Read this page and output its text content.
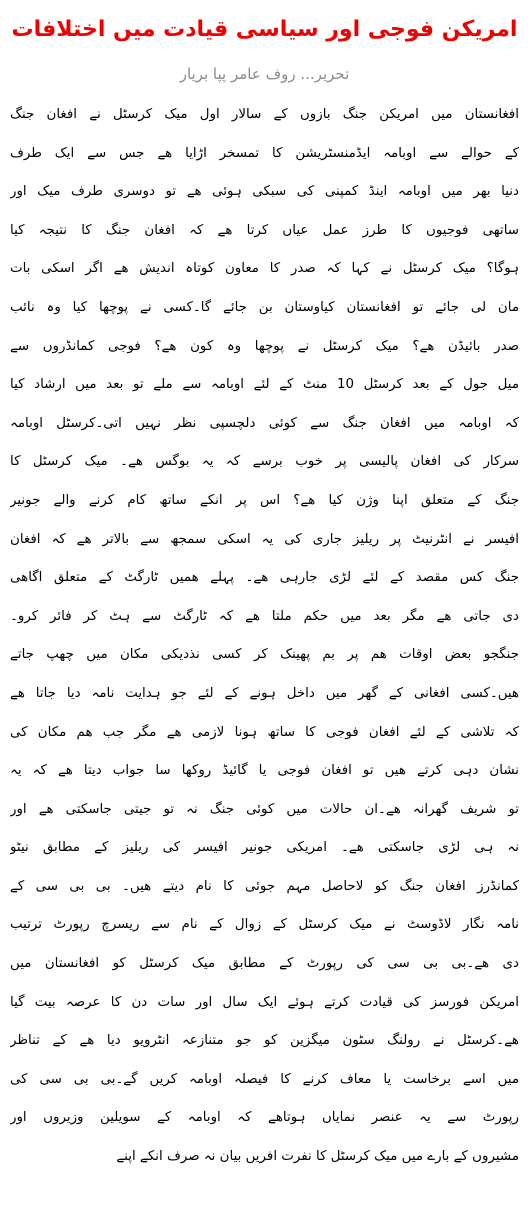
امریکن فوجی اور سیاسی قیادت میں اختلافات
تحریر... روف عامر پپا بریار
افغانستان میں امریکن جنگ بازوں کے سالار اول میک کرسٹل نے افغان جنگ
کے حوالے سے اوبامہ ایڈمنسٹریشن کا تمسخر اڑایا ھے جس سے ایک طرف
دنیا بھر میں اوبامہ اینڈ کمپنی کی سبکی ہوئی ھے تو دوسری طرف میک اور
ساتھی فوجیوں کا طرز عمل عیاں کرتا ھے کہ افغان جنگ کا نتیجہ کیا
ہوگا؟ میک کرسٹل نے کہا کہ صدر کا معاون کوتاہ اندیش ھے اگر اسکی بات
مان لی جائے تو افغانستان کیاوستان بن جائے گا۔کسی نے پوچھا کیا وہ نائب
صدر بائیڈن ھے؟ میک کرسٹل نے پوچھا وہ کون ھے؟ فوجی کمانڈروں سے
میل جول کے بعد کرسٹل 10 منٹ کے لئے اوبامہ سے ملے تو بعد میں ارشاد کیا
کہ اوبامہ میں افغان جنگ سے کوئی دلچسپی نظر نہیں اتی۔کرسٹل اوبامہ
سرکار کی افغان پالیسی پر خوب برسے کہ یہ بوگس ھے۔ میک کرسٹل کا
جنگ کے متعلق اپنا وژن کیا ھے؟ اس پر انکے ساتھ کام کرنے والے جونیر
افیسر نے انٹرنیٹ پر ریلیز جاری کی یہ اسکی سمجھ سے بالاتر ھے کہ افغان
جنگ کس مقصد کے لئے لڑی جارہی ھے۔ پہلے ھمیں ٹارگٹ کے متعلق اگاھی
دی جاتی ھے مگر بعد میں حکم ملتا ھے کہ ٹارگٹ سے ہٹ کر فائر کرو۔
جنگجو بعض اوقات ھم پر بم پھینک کر کسی نذدیکی مکان میں چھپ جاتے
ھیں۔کسی افغانی کے گھر میں داخل ہونے کے لئے جو ہدایت نامہ دیا جاتا ھے
کہ تلاشی کے لئے افغان فوجی کا ساتھ ہونا لازمی ھے مگر جب ھم مکان کی
نشان دہی کرتے ھیں تو افغان فوجی یا گائیڈ روکھا سا جواب دیتا ھے کہ یہ
تو شریف گھرانہ ھے۔ان حالات میں کوئی جنگ نہ تو جیتی جاسکتی ھے اور
نہ ہی لڑی جاسکتی ھے۔ امریکی جونیر افیسر کی ریلیز کے مطابق نیٹو
کمانڈرز افغان جنگ کو لاحاصل مہم جوئی کا نام دیتے ھیں۔ بی بی سی کے
نامہ نگار لاڈوسٹ نے میک کرسٹل کے زوال کے نام سے ریسرچ رپورٹ ترتیب
دی ھے۔بی بی سی کی رپورٹ کے مطابق میک کرسٹل کو افغانستان میں
امریکن فورسز کی قیادت کرتے ہوئے ایک سال اور سات دن کا عرصہ بیت گیا
ھے۔کرسٹل نے رولنگ سٹون میگزین کو جو متنازعہ انٹرویو دیا ھے کے تناظر
میں اسے برخاست یا معاف کرنے کا فیصلہ اوبامہ کریں گے۔بی بی سی کی
رپورٹ سے یہ عنصر نمایاں ہوتاھے کہ اوبامہ کے سویلین وزیروں اور
مشیروں کے بارے میں میک کرسٹل کا نفرت افریں بیان نہ صرف انکے اپنے
